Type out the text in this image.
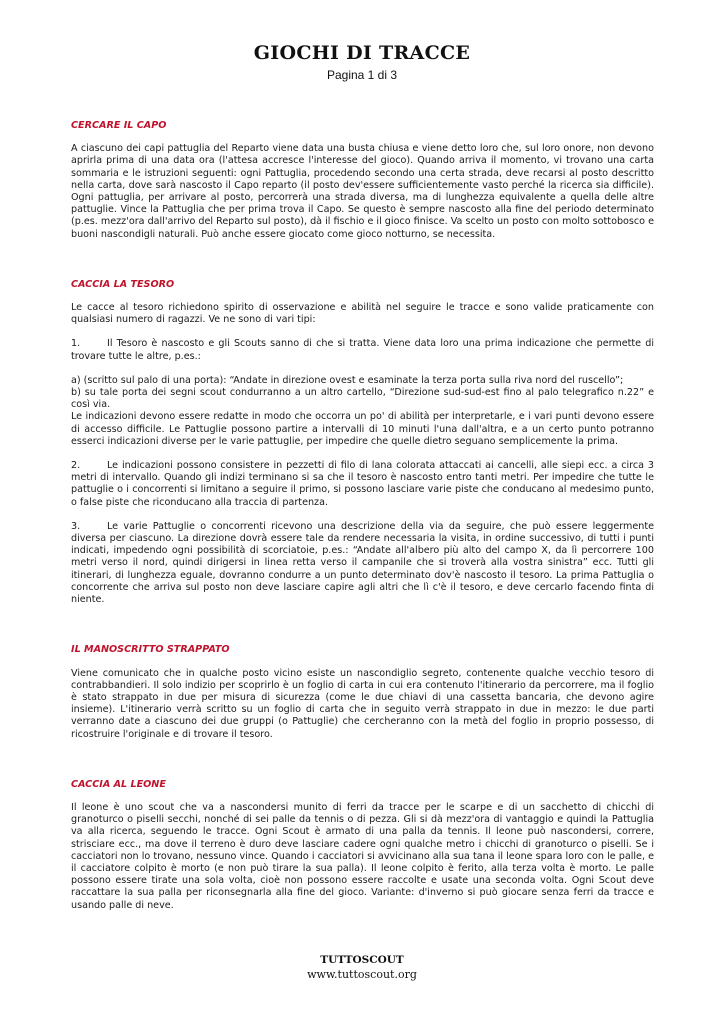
GIOCHI DI TRACCE
Pagina 1 di 3
CERCARE IL CAPO

A ciascuno dei capi pattuglia del Reparto viene data una busta chiusa e viene detto loro che, sul loro onore, non devono aprirla prima di una data ora (l'attesa accresce l'interesse del gioco). Quando arriva il momento, vi trovano una carta sommaria e le istruzioni seguenti: ogni Pattuglia, procedendo secondo una certa strada, deve recarsi al posto descritto nella carta, dove sarà nascosto il Capo reparto (il posto dev'essere sufficientemente vasto perché la ricerca sia difficile). Ogni pattuglia, per arrivare al posto, percorrerà una strada diversa, ma di lunghezza equivalente a quella delle altre pattuglie. Vince la Pattuglia che per prima trova il Capo. Se questo è sempre nascosto alla fine del periodo determinato (p.es. mezz'ora dall'arrivo del Reparto sul posto), dà il fischio e il gioco finisce. Va scelto un posto con molto sottobosco e buoni nascondigli naturali. Può anche essere giocato come gioco notturno, se necessita.

CACCIA LA TESORO

Le cacce al tesoro richiedono spirito di osservazione e abilità nel seguire le tracce e sono valide praticamente con qualsiasi numero di ragazzi. Ve ne sono di vari tipi:

1.	Il Tesoro è nascosto e gli Scouts sanno di che si tratta. Viene data loro una prima indicazione che permette di trovare tutte le altre, p.es.:

a) (scritto sul palo di una porta): “Andate in direzione ovest e esaminate la terza porta sulla riva nord del ruscello”;

b) su tale porta dei segni scout condurranno a un altro cartello, “Direzione sud-sud-est fino al palo telegrafico n.22” e così via.

Le indicazioni devono essere redatte in modo che occorra un po' di abilità per interpretarle, e i vari punti devono essere di accesso difficile. Le Pattuglie possono partire a intervalli di 10 minuti l'una dall'altra, e a un certo punto potranno esserci indicazioni diverse per le varie pattuglie, per impedire che quelle dietro seguano semplicemente la prima.

2.	Le indicazioni possono consistere in pezzetti di filo di lana colorata attaccati ai cancelli, alle siepi ecc. a circa 3 metri di intervallo. Quando gli indizi terminano si sa che il tesoro è nascosto entro tanti metri. Per impedire che tutte le pattuglie o i concorrenti si limitano a seguire il primo, si possono lasciare varie piste che conducano al medesimo punto, o false piste che riconducano alla traccia di partenza.

3.	Le varie Pattuglie o concorrenti ricevono una descrizione della via da seguire, che può essere leggermente diversa per ciascuno. La direzione dovrà essere tale da rendere necessaria la visita, in ordine successivo, di tutti i punti indicati, impedendo ogni possibilità di scorciatoie, p.es.: “Andate all'albero più alto del campo X, da lì percorrere 100 metri verso il nord, quindi dirigersi in linea retta verso il campanile che si troverà alla vostra sinistra” ecc. Tutti gli itinerari, di lunghezza eguale, dovranno condurre a un punto determinato dov'è nascosto il tesoro. La prima Pattuglia o concorrente che arriva sul posto non deve lasciare capire agli altri che lì c'è il tesoro, e deve cercarlo facendo finta di niente.

IL MANOSCRITTO STRAPPATO

Viene comunicato che in qualche posto vicino esiste un nascondiglio segreto, contenente qualche vecchio tesoro di contrabbandieri. Il solo indizio per scoprirlo è un foglio di carta in cui era contenuto l'itinerario da percorrere, ma il foglio è stato strappato in due per misura di sicurezza (come le due chiavi di una cassetta bancaria, che devono agire insieme). L'itinerario verrà scritto su un foglio di carta che in seguito verrà strappato in due in mezzo: le due parti verranno date a ciascuno dei due gruppi (o Pattuglie) che cercheranno con la metà del foglio in proprio possesso, di ricostruire l'originale e di trovare il tesoro.

CACCIA AL LEONE

Il leone è uno scout che va a nascondersi munito di ferri da tracce per le scarpe e di un sacchetto di chicchi di granoturco o piselli secchi, nonché di sei palle da tennis o di pezza. Gli si dà mezz'ora di vantaggio e quindi la Pattuglia va alla ricerca, seguendo le tracce. Ogni Scout è armato di una palla da tennis. Il leone può nascondersi, correre, strisciare ecc., ma dove il terreno è duro deve lasciare cadere ogni qualche metro i chicchi di granoturco o piselli. Se i cacciatori non lo trovano, nessuno vince. Quando i cacciatori si avvicinano alla sua tana il leone spara loro con le palle, e il cacciatore colpito è morto (e non può tirare la sua palla). Il leone colpito è ferito, alla terza volta è morto. Le palle possono essere tirate una sola volta, cioè non possono essere raccolte e usate una seconda volta. Ogni Scout deve raccattare la sua palla per riconsegnarla alla fine del gioco. Variante: d'inverno si può giocare senza ferri da tracce e usando palle di neve.

TUTTOSCOUT
www.tuttoscout.org
